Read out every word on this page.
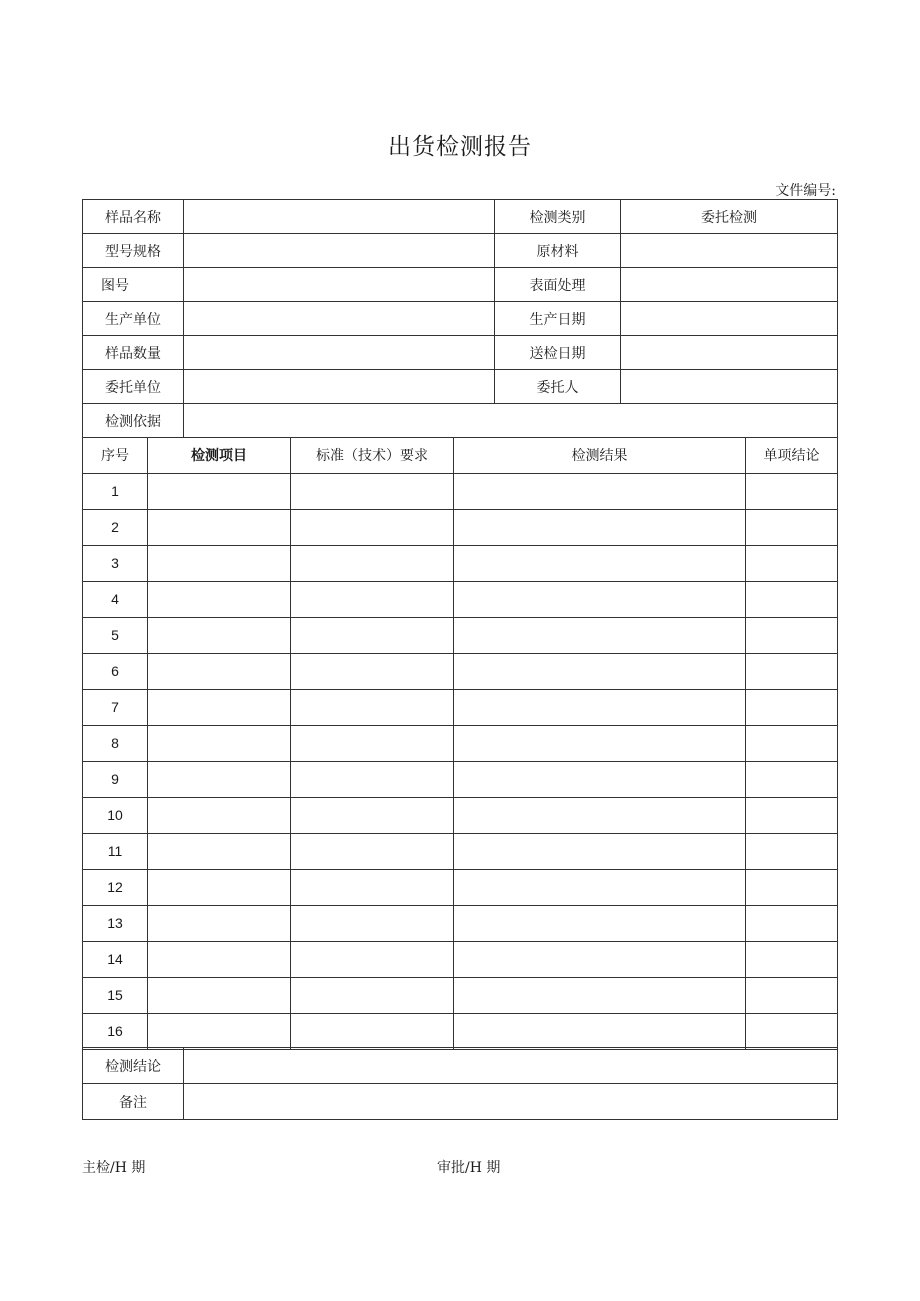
出货检测报告
文件编号:
样品名称		检测类别	委托检测
型号规格		原材料	
图号		表面处理	
生产单位		生产日期	
样品数量		送检日期	
委托单位		委托人	
检测依据			
序号	检测项目	标准（技术）要求	检测结果	单项结论
1				
2				
3				
4				
5				
6				
7				
8				
9				
10				
11				
12				
13				
14				
15				
16				
检测结论	
备注	
主检/H 期	审批/H 期
